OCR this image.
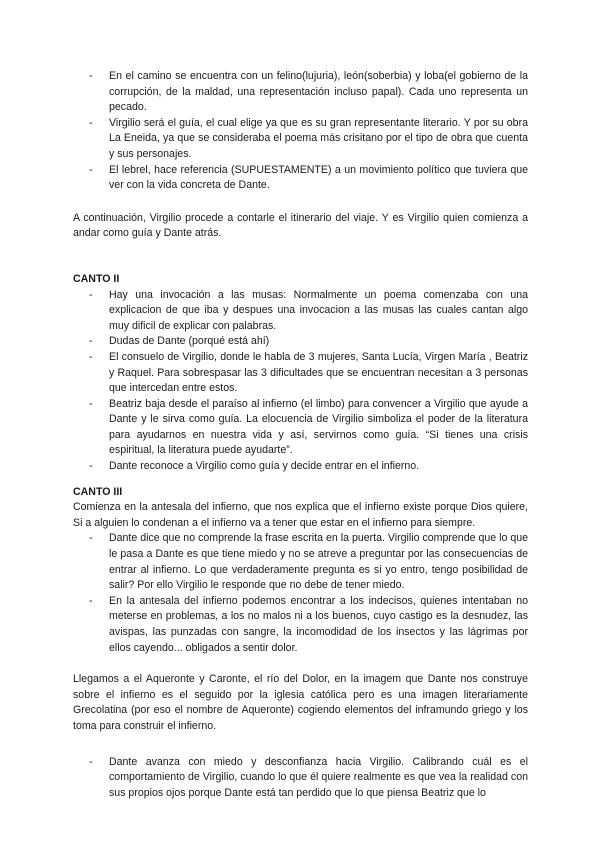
- En el camino se encuentra con un felino(lujuria), león(soberbia) y loba(el gobierno de la corrupción, de la maldad, una representación incluso papal). Cada uno representa un pecado.
- Virgilio será el guía, el cual elige ya que es su gran representante literario. Y por su obra La Eneida, ya que se consideraba el poema más crisitano por el tipo de obra que cuenta y sus personajes.
- El lebrel, hace referencia (SUPUESTAMENTE) a un movimiento político que tuviera que ver con la vida concreta de Dante.

A continuación, Virgilio procede a contarle el itinerario del viaje. Y es Virgilio quien comienza a andar como guía y Dante atrás.

CANTO II
- Hay una invocación a las musas: Normalmente un poema comenzaba con una explicacion de que iba y despues una invocacion a las musas las cuales cantan algo muy dificil de explicar con palabras.
- Dudas de Dante (porqué está ahí)
- El consuelo de Virgilio, donde le habla de 3 mujeres, Santa Lucía, Virgen María , Beatriz y Raquel. Para sobrespasar las 3 dificultades que se encuentran necesitan a 3 personas que intercedan entre estos.
- Beatriz baja desde el paraíso al infierno (el limbo) para convencer a Virgilio que ayude a Dante y le sirva como guía. La elocuencia de Virgilio simboliza el poder de la literatura para ayudarnos en nuestra vida y así, servirnos como guía. “Si tienes una crisis espiritual, la literatura puede ayudarte”.
- Dante reconoce a Virgilio como guía y decide entrar en el infierno.
CANTO III

Comienza en la antesala del infierno, que nos explica que el infierno existe porque Dios quiere, Si a alguien lo condenan a el infierno va a tener que estar en el infierno para siempre.

- Dante dice que no comprende la frase escrita en la puerta. Virgilio comprende que lo que le pasa a Dante es que tiene miedo y no se atreve a preguntar por las consecuencias de entrar al infierno. Lo que verdaderamente pregunta es si yo entro, tengo posibilidad de salir? Por ello Virgilio le responde que no debe de tener miedo.
- En la antesala del infierno podemos encontrar a los indecisos, quienes intentaban no meterse en problemas, a los no malos ni a los buenos, cuyo castigo es la desnudez, las avispas, las punzadas con sangre, la incomodidad de los insectos y las lágrimas por ellos cayendo... obligados a sentir dolor.

Llegamos a el Aqueronte y Caronte, el río del Dolor, en la imagem que Dante nos construye sobre el infierno es el seguido por la iglesia católica pero es una imagen literariamente Grecolatina (por eso el nombre de Aqueronte) cogiendo elementos del inframundo griego y los toma para construir el infierno.

- Dante avanza con miedo y desconfianza hacia Virgilio. Calibrando cuál es el comportamiento de Virgilio, cuando lo que él quiere realmente es que vea la realidad con sus propios ojos porque Dante está tan perdido que lo que piensa Beatriz que lo
